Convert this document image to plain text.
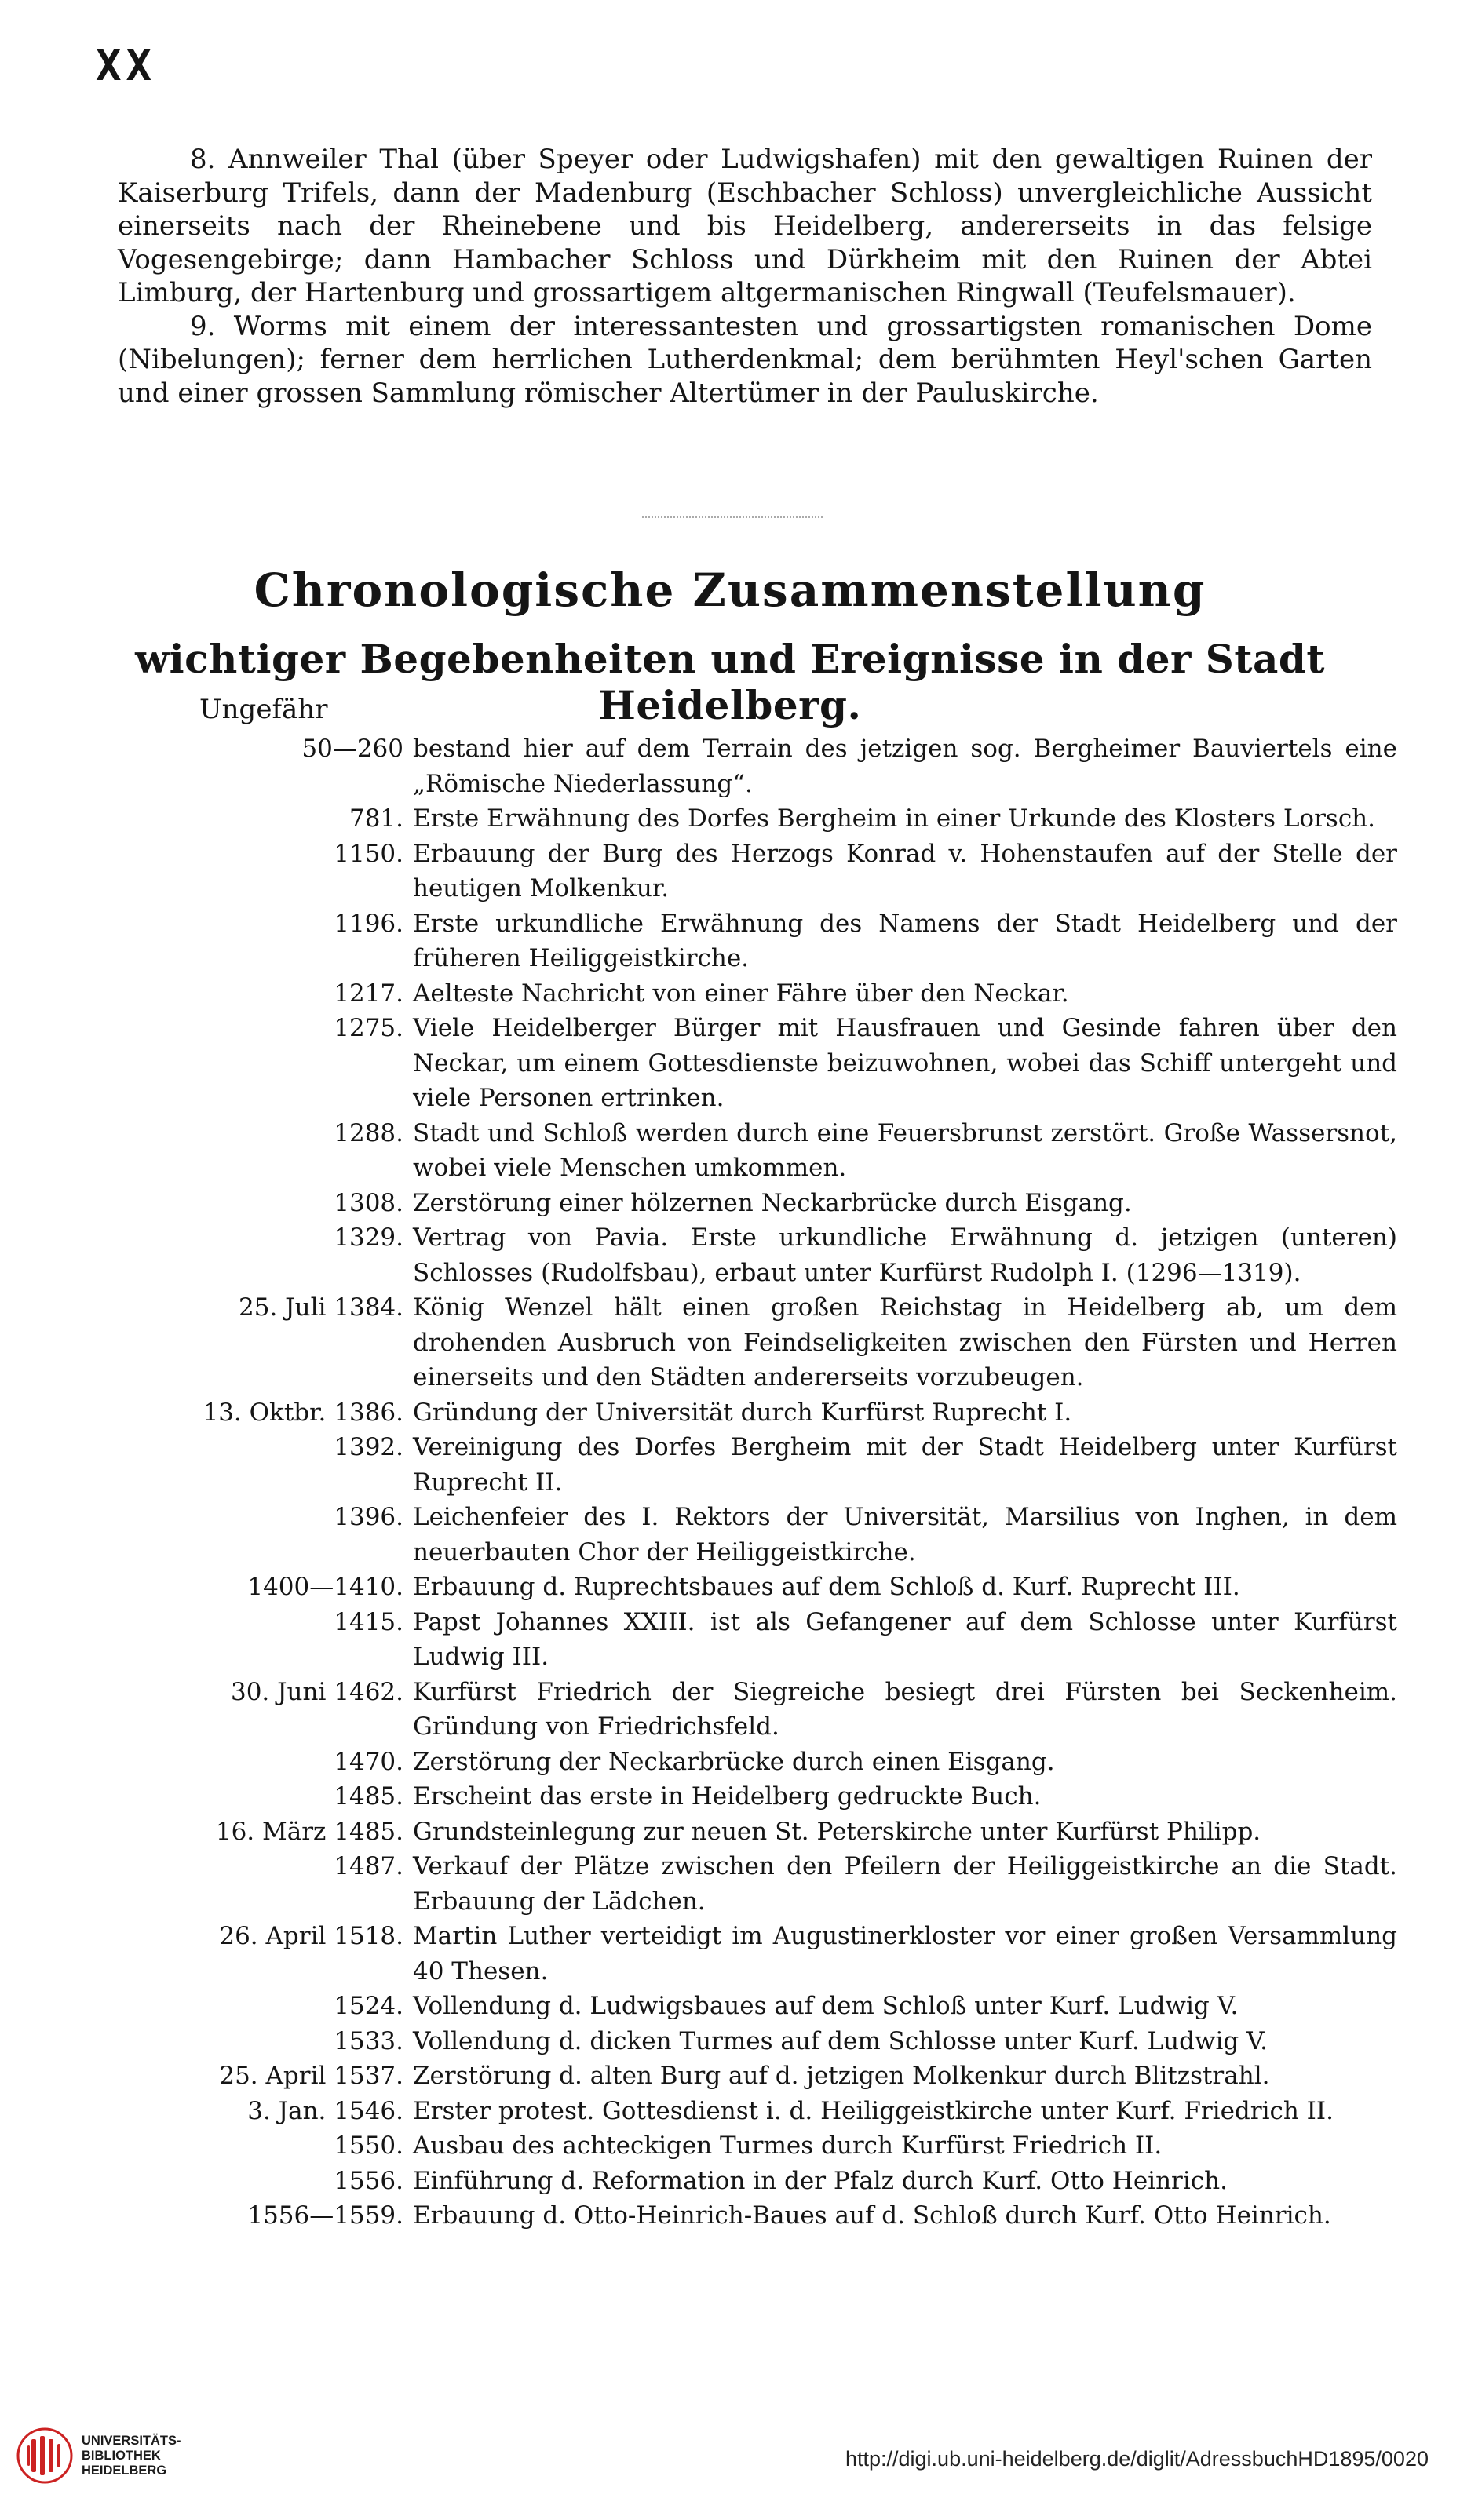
XX

8. Annweiler Thal (über Speyer oder Ludwigshafen) mit den gewaltigen Ruinen der Kaiserburg Trifels, dann der Madenburg (Eschbacher Schloss) unvergleichliche Aussicht einerseits nach der Rheinebene und bis Heidelberg, andererseits in das felsige Vogesengebirge; dann Hambacher Schloss und Dürkheim mit den Ruinen der Abtei Limburg, der Hartenburg und grossartigem altgermanischen Ringwall (Teufelsmauer).

9. Worms mit einem der interessantesten und grossartigsten romanischen Dome (Nibelungen); ferner dem herrlichen Lutherdenkmal; dem berühmten Heyl'schen Garten und einer grossen Sammlung römischer Altertümer in der Pauluskirche.

Chronologische Zusammenstellung
wichtiger Begebenheiten und Ereignisse in der Stadt Heidelberg.
Ungefähr
50—260 bestand hier auf dem Terrain des jetzigen sog. Bergheimer Bauviertels eine „Römische Niederlassung“.
781. Erste Erwähnung des Dorfes Bergheim in einer Urkunde des Klosters Lorsch.
1150. Erbauung der Burg des Herzogs Konrad v. Hohenstaufen auf der Stelle der heutigen Molkenkur.
1196. Erste urkundliche Erwähnung des Namens der Stadt Heidelberg und der früheren Heiliggeistkirche.
1217. Aelteste Nachricht von einer Fähre über den Neckar.
1275. Viele Heidelberger Bürger mit Hausfrauen und Gesinde fahren über den Neckar, um einem Gottesdienste beizuwohnen, wobei das Schiff untergeht und viele Personen ertrinken.
1288. Stadt und Schloß werden durch eine Feuersbrunst zerstört. Große Wassersnot, wobei viele Menschen umkommen.
1308. Zerstörung einer hölzernen Neckarbrücke durch Eisgang.
1329. Vertrag von Pavia. Erste urkundliche Erwähnung d. jetzigen (unteren) Schlosses (Rudolfsbau), erbaut unter Kurfürst Rudolph I. (1296—1319).
25. Juli 1384. König Wenzel hält einen großen Reichstag in Heidelberg ab, um dem drohenden Ausbruch von Feindseligkeiten zwischen den Fürsten und Herren einerseits und den Städten andererseits vorzubeugen.
13. Oktbr. 1386. Gründung der Universität durch Kurfürst Ruprecht I.
1392. Vereinigung des Dorfes Bergheim mit der Stadt Heidelberg unter Kurfürst Ruprecht II.
1396. Leichenfeier des I. Rektors der Universität, Marsilius von Inghen, in dem neuerbauten Chor der Heiliggeistkirche.
1400—1410. Erbauung d. Ruprechtsbaues auf dem Schloß d. Kurf. Ruprecht III.
1415. Papst Johannes XXIII. ist als Gefangener auf dem Schlosse unter Kurfürst Ludwig III.
30. Juni 1462. Kurfürst Friedrich der Siegreiche besiegt drei Fürsten bei Seckenheim. Gründung von Friedrichsfeld.
1470. Zerstörung der Neckarbrücke durch einen Eisgang.
1485. Erscheint das erste in Heidelberg gedruckte Buch.
16. März 1485. Grundsteinlegung zur neuen St. Peterskirche unter Kurfürst Philipp.
1487. Verkauf der Plätze zwischen den Pfeilern der Heiliggeistkirche an die Stadt. Erbauung der Lädchen.
26. April 1518. Martin Luther verteidigt im Augustinerkloster vor einer großen Versammlung 40 Thesen.
1524. Vollendung d. Ludwigsbaues auf dem Schloß unter Kurf. Ludwig V.
1533. Vollendung d. dicken Turmes auf dem Schlosse unter Kurf. Ludwig V.
25. April 1537. Zerstörung d. alten Burg auf d. jetzigen Molkenkur durch Blitzstrahl.
3. Jan. 1546. Erster protest. Gottesdienst i. d. Heiliggeistkirche unter Kurf. Friedrich II.
1550. Ausbau des achteckigen Turmes durch Kurfürst Friedrich II.
1556. Einführung d. Reformation in der Pfalz durch Kurf. Otto Heinrich.
1556—1559. Erbauung d. Otto-Heinrich-Baues auf d. Schloß durch Kurf. Otto Heinrich.
UNIVERSITÄTS-
BIBLIOTHEK
HEIDELBERG	http://digi.ub.uni-heidelberg.de/diglit/AdressbuchHD1895/0020
